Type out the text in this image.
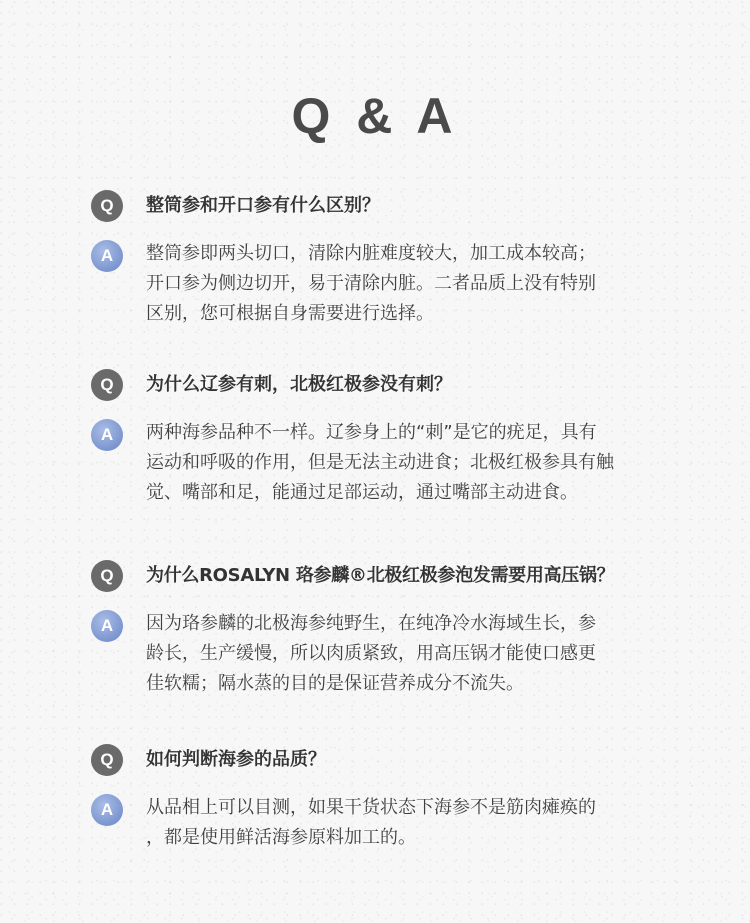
Q & A
Q	整筒参和开口参有什么区别？
A	整筒参即两头切口，清除内脏难度较大，加工成本较高；
开口参为侧边切开，易于清除内脏。二者品质上没有特别
区别，您可根据自身需要进行选择。
Q	为什么辽参有刺，北极红极参没有刺？
A	两种海参品种不一样。辽参身上的“刺”是它的疣足，具有
运动和呼吸的作用，但是无法主动进食；北极红极参具有触
觉、嘴部和足，能通过足部运动，通过嘴部主动进食。
Q	为什么ROSALYN 珞参麟®北极红极参泡发需要用高压锅？
A	因为珞参麟的北极海参纯野生，在纯净冷水海域生长，参
龄长，生产缓慢，所以肉质紧致，用高压锅才能使口感更
佳软糯；隔水蒸的目的是保证营养成分不流失。
Q	如何判断海参的品质？
A	从品相上可以目测，如果干货状态下海参不是筋肉瘫痪的
，都是使用鲜活海参原料加工的。
